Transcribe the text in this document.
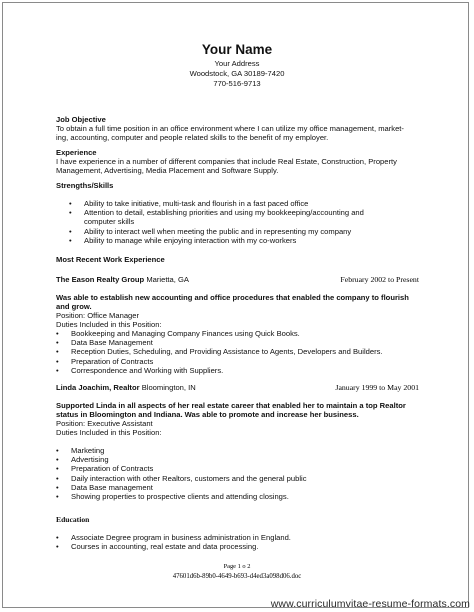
Your Name
Your Address
Woodstock, GA 30189-7420
770-516-9713
Job Objective
To obtain a full time position in an office environment where I can utilize my office management, market-
ing, accounting, computer and people related skills to the benefit of my employer.
Experience
I have experience in a number of different companies that include Real Estate, Construction, Property
Management, Advertising, Media Placement and Software Supply.
Strengths/Skills
• Ability to take initiative, multi-task and flourish in a fast paced office
• Attention to detail, establishing priorities and using my bookkeeping/accounting and computer skills
• Ability to interact well when meeting the public and in representing my company
• Ability to manage while enjoying interaction with my co-workers
Most Recent Work Experience
The Eason Realty Group Marietta, GA	February 2002 to Present
Was able to establish new accounting and office procedures that enabled the company to flourish
and grow.
Position: Office Manager
Duties Included in this Position:
• Bookkeeping and Managing Company Finances using Quick Books.
• Data Base Management
• Reception Duties, Scheduling, and Providing Assistance to Agents, Developers and Builders.
• Preparation of Contracts
• Correspondence and Working with Suppliers.
Linda Joachim, Realtor Bloomington, IN	January 1999 to May 2001
Supported Linda in all aspects of her real estate career that enabled her to maintain a top Realtor
status in Bloomington and Indiana. Was able to promote and increase her business.
Position: Executive Assistant
Duties Included in this Position:
• Marketing
• Advertising
• Preparation of Contracts
• Daily interaction with other Realtors, customers and the general public
• Data Base management
• Showing properties to prospective clients and attending closings.
Education
• Associate Degree program in business administration in England.
• Courses in accounting, real estate and data processing.
Page 1 o 2
47601d6b-89b0-4649-b693-d4ed3a098d06.doc
www.curriculumvitae-resume-formats.com
